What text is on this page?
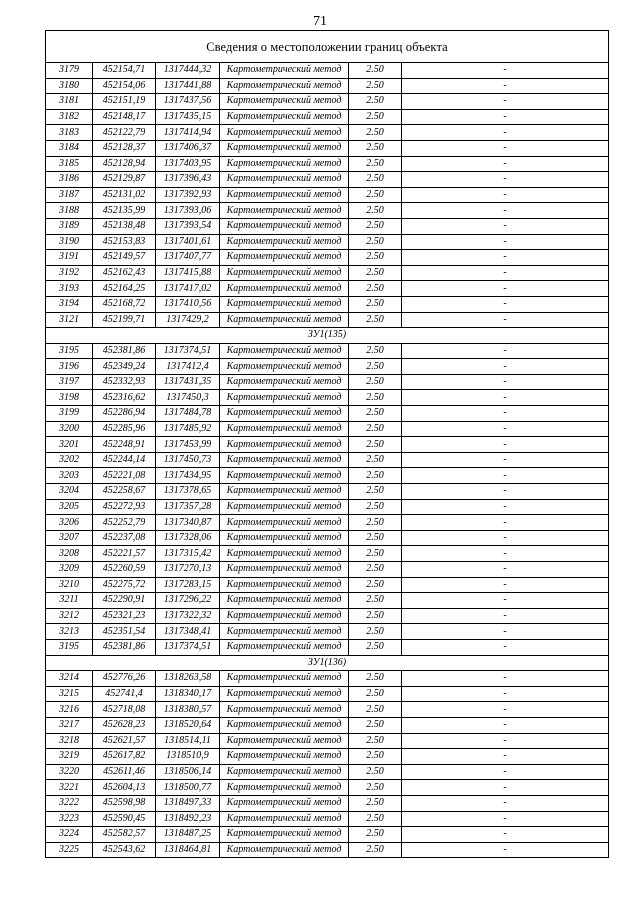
71
Сведения о местоположении границ объекта					
3179	452154,71	1317444,32	Картометрический метод	2.50	-
3180	452154,06	1317441,88	Картометрический метод	2.50	-
3181	452151,19	1317437,56	Картометрический метод	2.50	-
3182	452148,17	1317435,15	Картометрический метод	2.50	-
3183	452122,79	1317414,94	Картометрический метод	2.50	-
3184	452128,37	1317406,37	Картометрический метод	2.50	-
3185	452128,94	1317403,95	Картометрический метод	2.50	-
3186	452129,87	1317396,43	Картометрический метод	2.50	-
3187	452131,02	1317392,93	Картометрический метод	2.50	-
3188	452135,99	1317393,06	Картометрический метод	2.50	-
3189	452138,48	1317393,54	Картометрический метод	2.50	-
3190	452153,83	1317401,61	Картометрический метод	2.50	-
3191	452149,57	1317407,77	Картометрический метод	2.50	-
3192	452162,43	1317415,88	Картометрический метод	2.50	-
3193	452164,25	1317417,02	Картометрический метод	2.50	-
3194	452168,72	1317410,56	Картометрический метод	2.50	-
3121	452199,71	1317429,2	Картометрический метод	2.50	-
ЗУ1(135)					
3195	452381,86	1317374,51	Картометрический метод	2.50	-
3196	452349,24	1317412,4	Картометрический метод	2.50	-
3197	452332,93	1317431,35	Картометрический метод	2.50	-
3198	452316,62	1317450,3	Картометрический метод	2.50	-
3199	452286,94	1317484,78	Картометрический метод	2.50	-
3200	452285,96	1317485,92	Картометрический метод	2.50	-
3201	452248,91	1317453,99	Картометрический метод	2.50	-
3202	452244,14	1317450,73	Картометрический метод	2.50	-
3203	452221,08	1317434,95	Картометрический метод	2.50	-
3204	452258,67	1317378,65	Картометрический метод	2.50	-
3205	452272,93	1317357,28	Картометрический метод	2.50	-
3206	452252,79	1317340,87	Картометрический метод	2.50	-
3207	452237,08	1317328,06	Картометрический метод	2.50	-
3208	452221,57	1317315,42	Картометрический метод	2.50	-
3209	452260,59	1317270,13	Картометрический метод	2.50	-
3210	452275,72	1317283,15	Картометрический метод	2.50	-
3211	452290,91	1317296,22	Картометрический метод	2.50	-
3212	452321,23	1317322,32	Картометрический метод	2.50	-
3213	452351,54	1317348,41	Картометрический метод	2.50	-
3195	452381,86	1317374,51	Картометрический метод	2.50	-
ЗУ1(136)					
3214	452776,26	1318263,58	Картометрический метод	2.50	-
3215	452741,4	1318340,17	Картометрический метод	2.50	-
3216	452718,08	1318380,57	Картометрический метод	2.50	-
3217	452628,23	1318520,64	Картометрический метод	2.50	-
3218	452621,57	1318514,11	Картометрический метод	2.50	-
3219	452617,82	1318510,9	Картометрический метод	2.50	-
3220	452611,46	1318506,14	Картометрический метод	2.50	-
3221	452604,13	1318500,77	Картометрический метод	2.50	-
3222	452598,98	1318497,33	Картометрический метод	2.50	-
3223	452590,45	1318492,23	Картометрический метод	2.50	-
3224	452582,57	1318487,25	Картометрический метод	2.50	-
3225	452543,62	1318464,81	Картометрический метод	2.50	-
